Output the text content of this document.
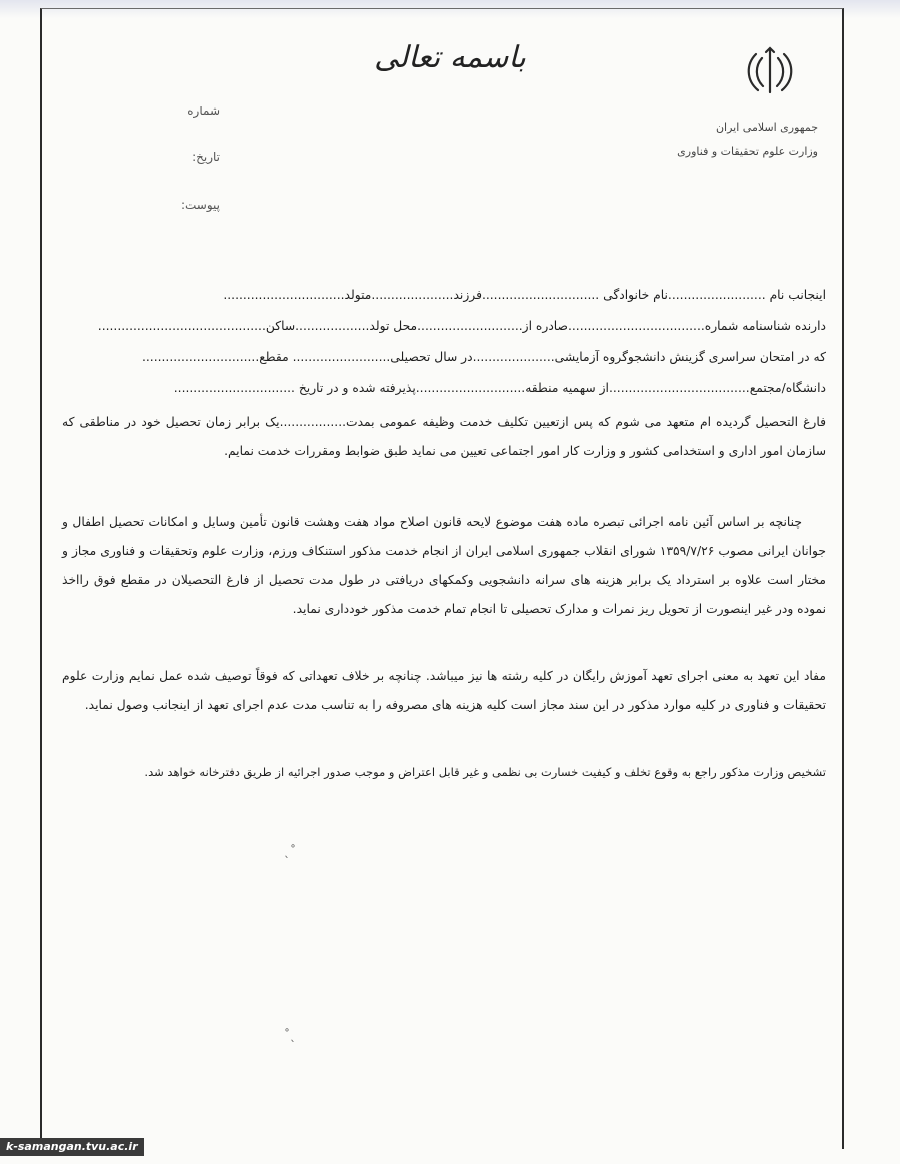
باسمه تعالی
جمهوری اسلامی ایران
وزارت علوم تحقیقات و فناوری
شماره
تاریخ:
پیوست:
اینجانب نام .........................نام خانوادگی ..............................فرزند.....................متولد...............................
دارنده شناسنامه شماره...................................صادره از...........................محل تولد...................ساکن...........................................
که در امتحان سراسری گزینش دانشجوگروه آزمایشی.....................در سال تحصیلی......................... مقطع..............................
دانشگاه/مجتمع....................................از سهمیه منطقه............................پذیرفته شده و در تاریخ ...............................
فارغ التحصیل گردیده ام متعهد می شوم که پس ازتعیین تکلیف خدمت وظیفه عمومی بمدت.................یک برابر زمان تحصیل خود در مناطقی که سازمان امور اداری و استخدامی کشور و وزارت کار امور اجتماعی تعیین می نماید طبق ضوابط ومقررات خدمت نمایم.
چنانچه بر اساس آئین نامه اجرائی تبصره ماده هفت موضوع لایحه قانون اصلاح مواد هفت وهشت قانون تأمین وسایل و امکانات تحصیل اطفال و جوانان ایرانی مصوب ۱۳۵۹/۷/۲۶ شورای انقلاب جمهوری اسلامی ایران از انجام خدمت مذکور استنکاف ورزم، وزارت علوم وتحقیقات و فناوری مجاز و مختار است علاوه بر استرداد یک برابر هزینه های سرانه دانشجویی وکمکهای دریافتی در طول مدت تحصیل از فارغ التحصیلان در مقطع فوق رااخذ نموده ودر غیر اینصورت از تحویل ریز نمرات و مدارک تحصیلی تا انجام تمام خدمت مذکور خودداری نماید.
مفاد این تعهد به معنی اجرای تعهد آموزش رایگان در کلیه رشته ها نیز میباشد. چنانچه بر خلاف تعهداتی که فوقاً توصیف شده عمل نمایم وزارت علوم تحقیقات و فناوری در کلیه موارد مذکور در این سند مجاز است کلیه هزینه های مصروفه را به تناسب مدت عدم اجرای تعهد از اینجانب وصول نماید.
تشخیص وزارت مذکور راجع به وقوع تخلف و کیفیت خسارت بی نظمی و غیر قابل اعتراض و موجب صدور اجرائیه از طریق دفترخانه خواهد شد.
ˎ˚
˚ˎ
k-samangan.tvu.ac.ir
